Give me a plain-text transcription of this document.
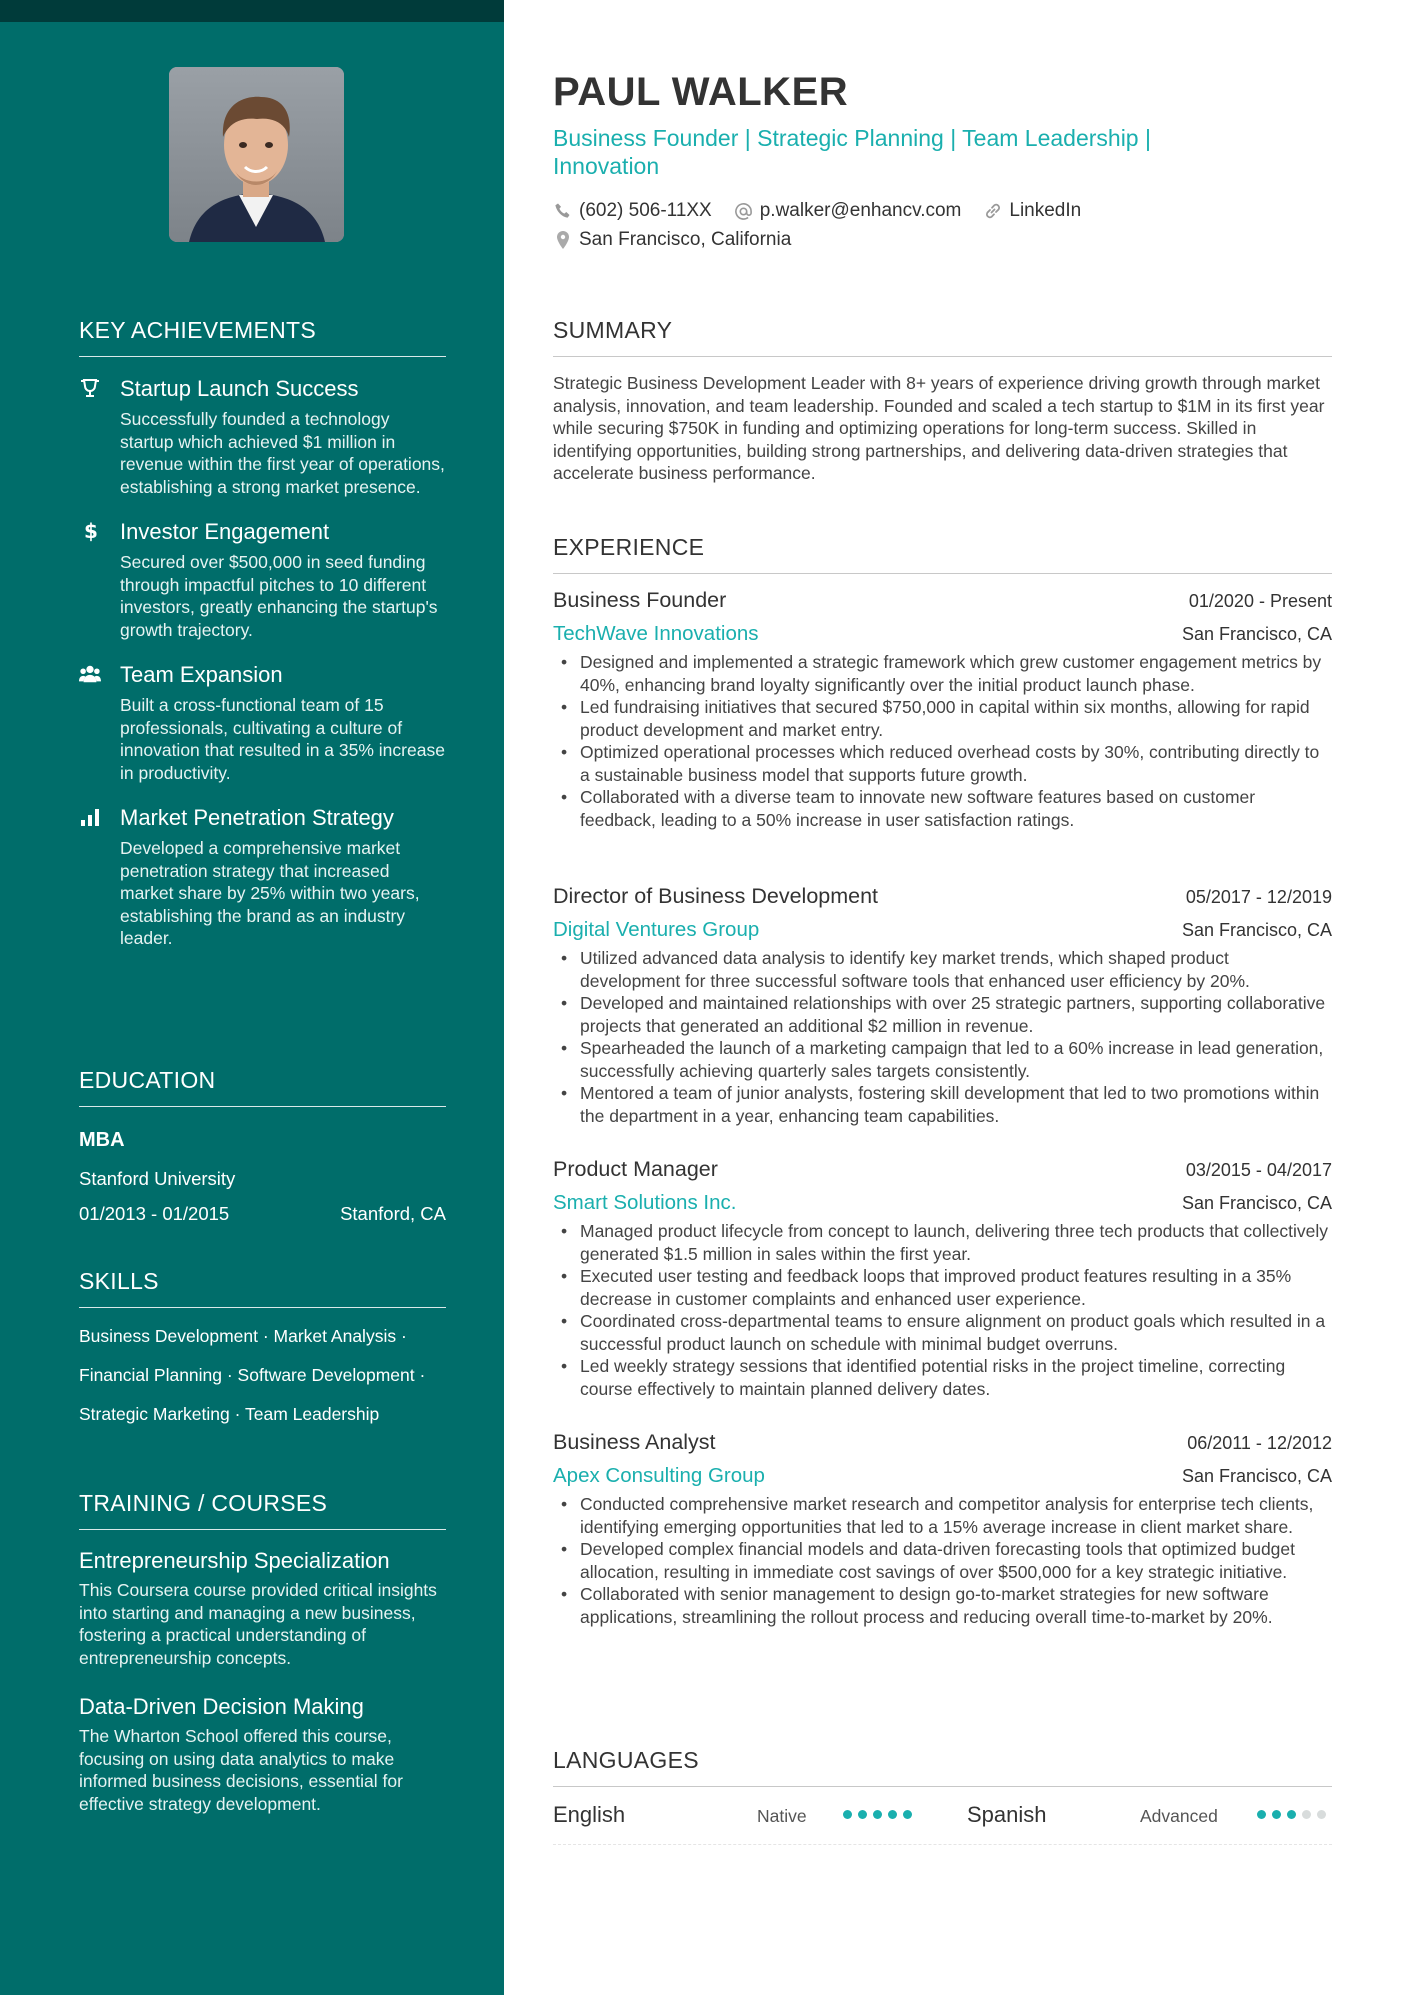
KEY ACHIEVEMENTS
Startup Launch Success
Successfully founded a technology startup which achieved $1 million in revenue within the first year of operations, establishing a strong market presence.
$ Investor Engagement
Secured over $500,000 in seed funding through impactful pitches to 10 different investors, greatly enhancing the startup's growth trajectory.
Team Expansion
Built a cross-functional team of 15 professionals, cultivating a culture of innovation that resulted in a 35% increase in productivity.
Market Penetration Strategy
Developed a comprehensive market penetration strategy that increased market share by 25% within two years, establishing the brand as an industry leader.
EDUCATION
MBA
Stanford University
01/2013 - 01/2015	Stanford, CA
SKILLS
Business Development · Market Analysis ·
Financial Planning · Software Development ·
Strategic Marketing · Team Leadership
TRAINING / COURSES
Entrepreneurship Specialization
This Coursera course provided critical insights into starting and managing a new business, fostering a practical understanding of entrepreneurship concepts.
Data-Driven Decision Making
The Wharton School offered this course, focusing on using data analytics to make informed business decisions, essential for effective strategy development.
PAUL WALKER
Business Founder | Strategic Planning | Team Leadership | Innovation
(602) 506-11XX	p.walker@enhancv.com	LinkedIn
San Francisco, California
SUMMARY
Strategic Business Development Leader with 8+ years of experience driving growth through market analysis, innovation, and team leadership. Founded and scaled a tech startup to $1M in its first year while securing $750K in funding and optimizing operations for long-term success. Skilled in identifying opportunities, building strong partnerships, and delivering data-driven strategies that accelerate business performance.
EXPERIENCE
Business Founder	01/2020 - Present
TechWave Innovations	San Francisco, CA
• Designed and implemented a strategic framework which grew customer engagement metrics by 40%, enhancing brand loyalty significantly over the initial product launch phase.
• Led fundraising initiatives that secured $750,000 in capital within six months, allowing for rapid product development and market entry.
• Optimized operational processes which reduced overhead costs by 30%, contributing directly to a sustainable business model that supports future growth.
• Collaborated with a diverse team to innovate new software features based on customer feedback, leading to a 50% increase in user satisfaction ratings.
Director of Business Development	05/2017 - 12/2019
Digital Ventures Group	San Francisco, CA
• Utilized advanced data analysis to identify key market trends, which shaped product development for three successful software tools that enhanced user efficiency by 20%.
• Developed and maintained relationships with over 25 strategic partners, supporting collaborative projects that generated an additional $2 million in revenue.
• Spearheaded the launch of a marketing campaign that led to a 60% increase in lead generation, successfully achieving quarterly sales targets consistently.
• Mentored a team of junior analysts, fostering skill development that led to two promotions within the department in a year, enhancing team capabilities.
Product Manager	03/2015 - 04/2017
Smart Solutions Inc.	San Francisco, CA
• Managed product lifecycle from concept to launch, delivering three tech products that collectively generated $1.5 million in sales within the first year.
• Executed user testing and feedback loops that improved product features resulting in a 35% decrease in customer complaints and enhanced user experience.
• Coordinated cross-departmental teams to ensure alignment on product goals which resulted in a successful product launch on schedule with minimal budget overruns.
• Led weekly strategy sessions that identified potential risks in the project timeline, correcting course effectively to maintain planned delivery dates.
Business Analyst	06/2011 - 12/2012
Apex Consulting Group	San Francisco, CA
• Conducted comprehensive market research and competitor analysis for enterprise tech clients, identifying emerging opportunities that led to a 15% average increase in client market share.
• Developed complex financial models and data-driven forecasting tools that optimized budget allocation, resulting in immediate cost savings of over $500,000 for a key strategic initiative.
• Collaborated with senior management to design go-to-market strategies for new software applications, streamlining the rollout process and reducing overall time-to-market by 20%.
LANGUAGES
English	Native	Spanish	Advanced
